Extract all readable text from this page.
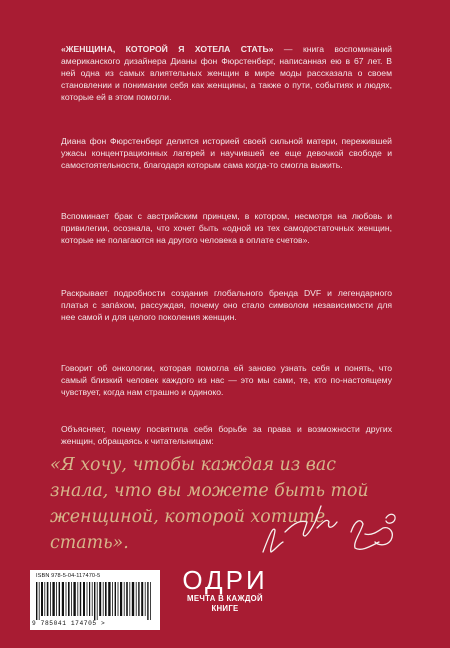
«ЖЕНЩИНА, КОТОРОЙ Я ХОТЕЛА СТАТЬ» — книга воспоминаний американского дизайнера Дианы фон Фюрстенберг, написанная ею в 67 лет. В ней одна из самых влиятельных женщин в мире моды рассказала о своем становлении и понимании себя как женщины, а также о пути, событиях и людях, которые ей в этом помогли.

Диана фон Фюрстенберг делится историей своей сильной матери, пережившей ужасы концентрационных лагерей и научившей ее еще девочкой свободе и самостоятельности, благодаря которым сама когда-то смогла выжить.

Вспоминает брак с австрийским принцем, в котором, несмотря на любовь и привилегии, осознала, что хочет быть «одной из тех самодостаточных женщин, которые не полагаются на другого человека в оплате счетов».

Раскрывает подробности создания глобального бренда DVF и легендарного платья с запáхом, рассуждая, почему оно стало символом независимости для нее самой и для целого поколения женщин.

Говорит об онкологии, которая помогла ей заново узнать себя и понять, что самый близкий человек каждого из нас — это мы сами, те, кто по-настоящему чувствует, когда нам страшно и одиноко.

Объясняет, почему посвятила себя борьбе за права и возможности других женщин, обращаясь к читательницам:

«Я хочу, чтобы каждая из вас знала, что вы можете быть той женщиной, которой хотите стать».

ISBN 978-5-04-117470-5
9 785041 174705 >
ОДРИ
МЕЧТА В КАЖДОЙ
КНИГЕ
